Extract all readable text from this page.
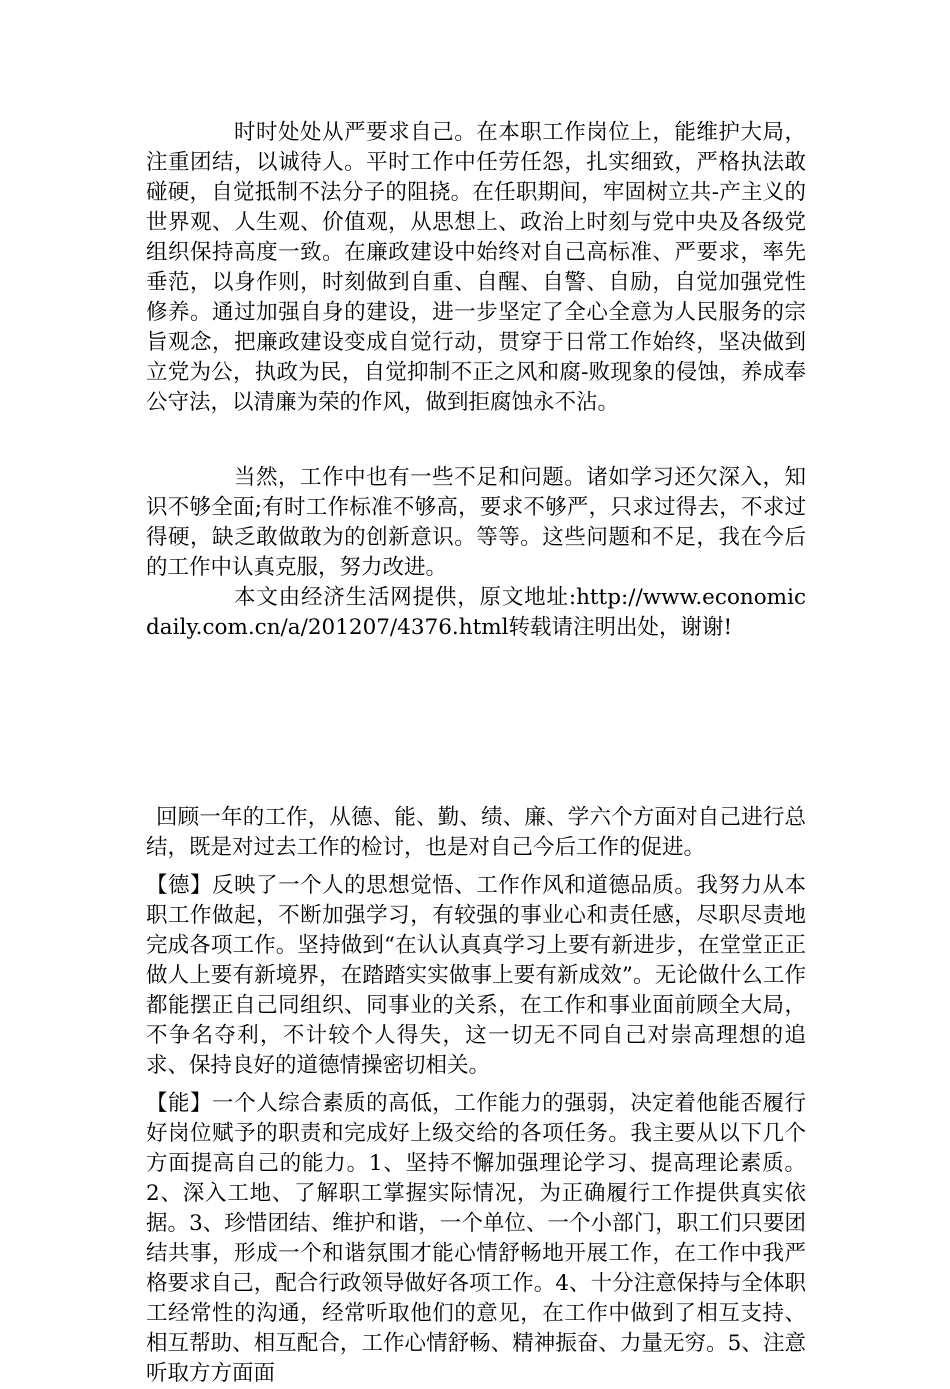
时时处处从严要求自己。在本职工作岗位上，能维护大局，注重团结，以诚待人。平时工作中任劳任怨，扎实细致，严格执法敢碰硬，自觉抵制不法分子的阻挠。在任职期间，牢固树立共-产主义的世界观、人生观、价值观，从思想上、政治上时刻与党中央及各级党组织保持高度一致。在廉政建设中始终对自己高标准、严要求，率先垂范，以身作则，时刻做到自重、自醒、自警、自励，自觉加强党性修养。通过加强自身的建设，进一步坚定了全心全意为人民服务的宗旨观念，把廉政建设变成自觉行动，贯穿于日常工作始终，坚决做到立党为公，执政为民，自觉抑制不正之风和腐-败现象的侵蚀，养成奉公守法，以清廉为荣的作风，做到拒腐蚀永不沾。

当然，工作中也有一些不足和问题。诸如学习还欠深入，知识不够全面;有时工作标准不够高，要求不够严，只求过得去，不求过得硬，缺乏敢做敢为的创新意识。等等。这些问题和不足，我在今后的工作中认真克服，努力改进。

本文由经济生活网提供，原文地址:http://www.economicdaily.com.cn/a/201207/4376.html转载请注明出处，谢谢!

回顾一年的工作，从德、能、勤、绩、廉、学六个方面对自己进行总结，既是对过去工作的检讨，也是对自己今后工作的促进。

【德】反映了一个人的思想觉悟、工作作风和道德品质。我努力从本职工作做起，不断加强学习，有较强的事业心和责任感，尽职尽责地完成各项工作。坚持做到“在认认真真学习上要有新进步，在堂堂正正做人上要有新境界，在踏踏实实做事上要有新成效”。无论做什么工作都能摆正自己同组织、同事业的关系，在工作和事业面前顾全大局，不争名夺利，不计较个人得失，这一切无不同自己对崇高理想的追求、保持良好的道德情操密切相关。

【能】一个人综合素质的高低，工作能力的强弱，决定着他能否履行好岗位赋予的职责和完成好上级交给的各项任务。我主要从以下几个方面提高自己的能力。1、坚持不懈加强理论学习、提高理论素质。2、深入工地、了解职工掌握实际情况，为正确履行工作提供真实依据。3、珍惜团结、维护和谐，一个单位、一个小部门，职工们只要团结共事，形成一个和谐氛围才能心情舒畅地开展工作，在工作中我严格要求自己，配合行政领导做好各项工作。4、十分注意保持与全体职工经常性的沟通，经常听取他们的意见，在工作中做到了相互支持、相互帮助、相互配合，工作心情舒畅、精神振奋、力量无穷。5、注意听取方方面面
